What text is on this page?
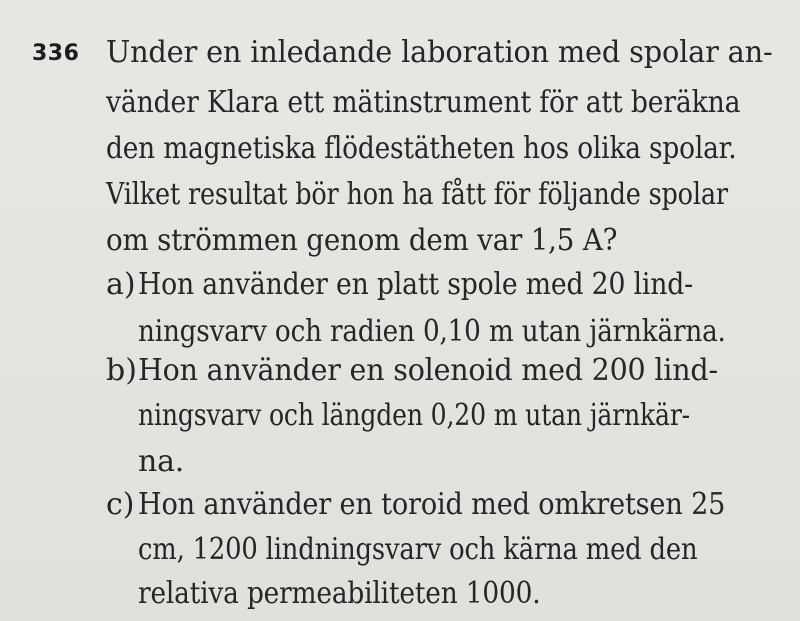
336 Under en inledande laboration med spolar an-
vänder Klara ett mätinstrument för att beräkna
den magnetiska flödestätheten hos olika spolar.
Vilket resultat bör hon ha fått för följande spolar
om strömmen genom dem var 1,5 A?
a) Hon använder en platt spole med 20 lind-
ningsvarv och radien 0,10 m utan järnkärna.
b) Hon använder en solenoid med 200 lind-
ningsvarv och längden 0,20 m utan järnkär-
na.
c) Hon använder en toroid med omkretsen 25
cm, 1200 lindningsvarv och kärna med den
relativa permeabiliteten 1000.
